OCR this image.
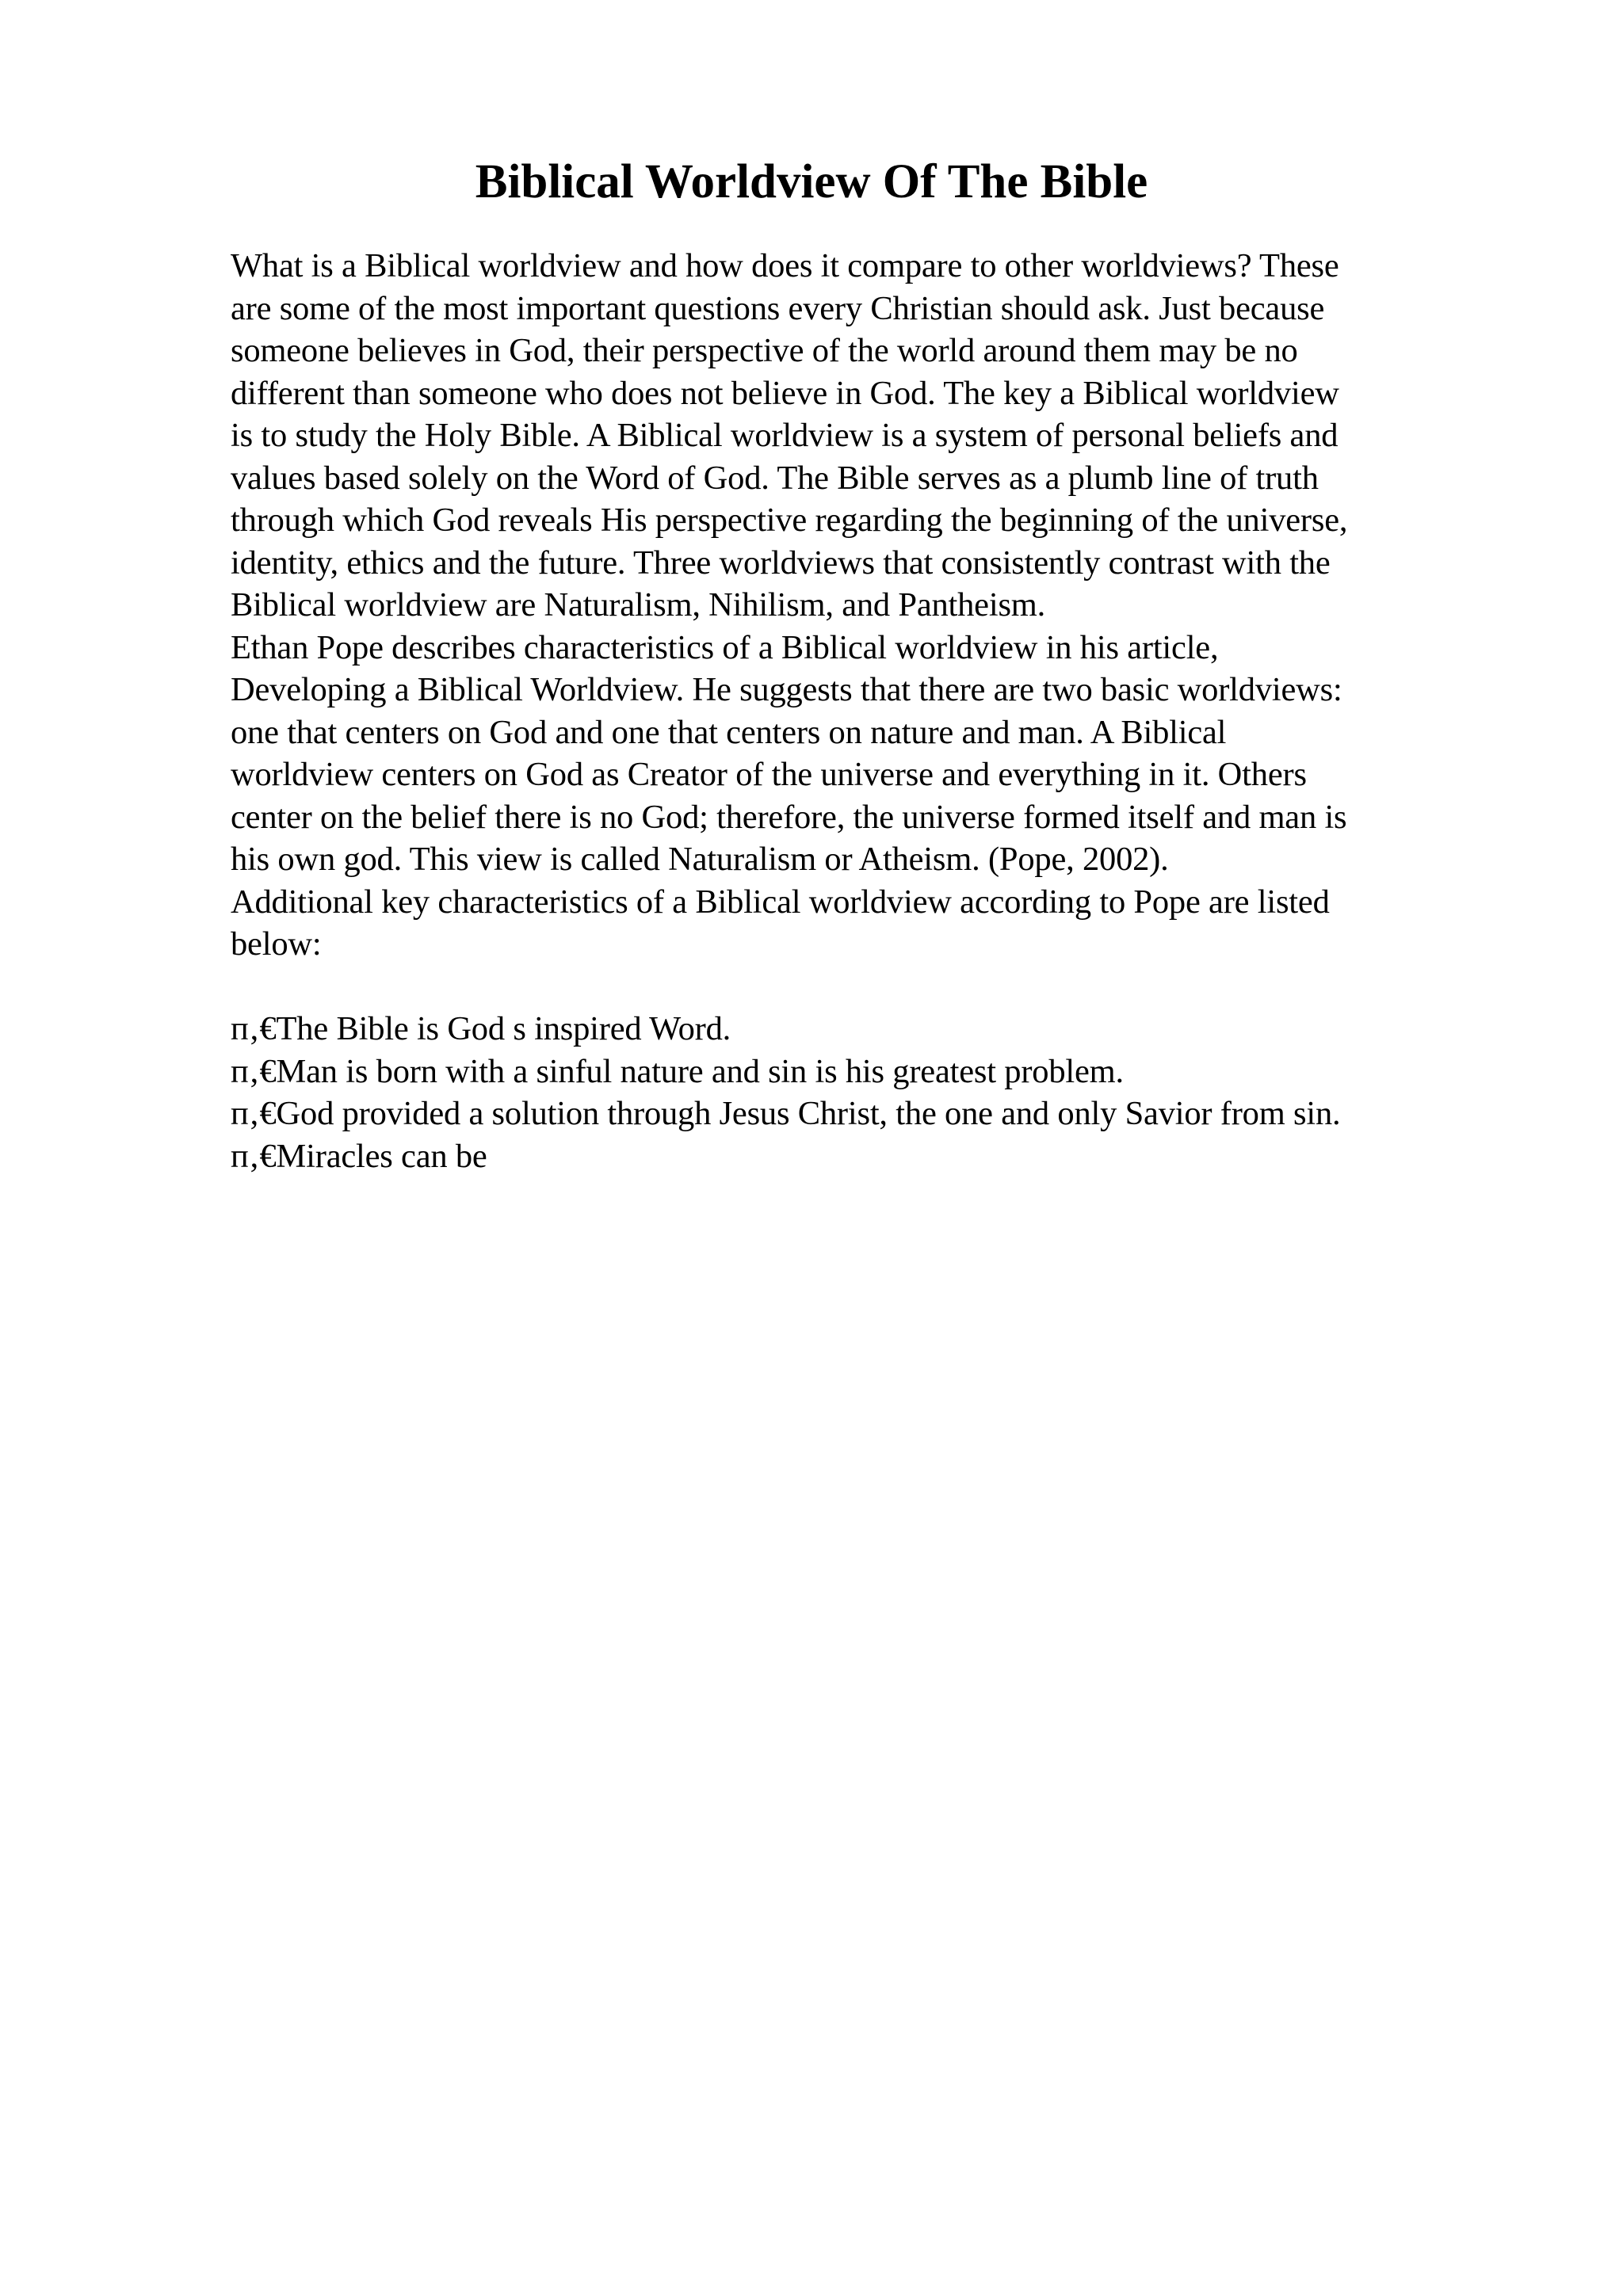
Biblical Worldview Of The Bible
What is a Biblical worldview and how does it compare to other worldviews? These
are some of the most important questions every Christian should ask. Just because
someone believes in God, their perspective of the world around them may be no
different than someone who does not believe in God. The key a Biblical worldview
is to study the Holy Bible. A Biblical worldview is a system of personal beliefs and
values based solely on the Word of God. The Bible serves as a plumb line of truth
through which God reveals His perspective regarding the beginning of the universe,
identity, ethics and the future. Three worldviews that consistently contrast with the
Biblical worldview are Naturalism, Nihilism, and Pantheism.
Ethan Pope describes characteristics of a Biblical worldview in his article,
Developing a Biblical Worldview. He suggests that there are two basic worldviews:
one that centers on God and one that centers on nature and man. A Biblical
worldview centers on God as Creator of the universe and everything in it. Others
center on the belief there is no God; therefore, the universe formed itself and man is
his own god. This view is called Naturalism or Atheism. (Pope, 2002).
Additional key characteristics of a Biblical worldview according to Pope are listed
below:
п‚€The Bible is God s inspired Word.
п‚€Man is born with a sinful nature and sin is his greatest problem.
п‚€God provided a solution through Jesus Christ, the one and only Savior from sin.
п‚€Miracles can be
